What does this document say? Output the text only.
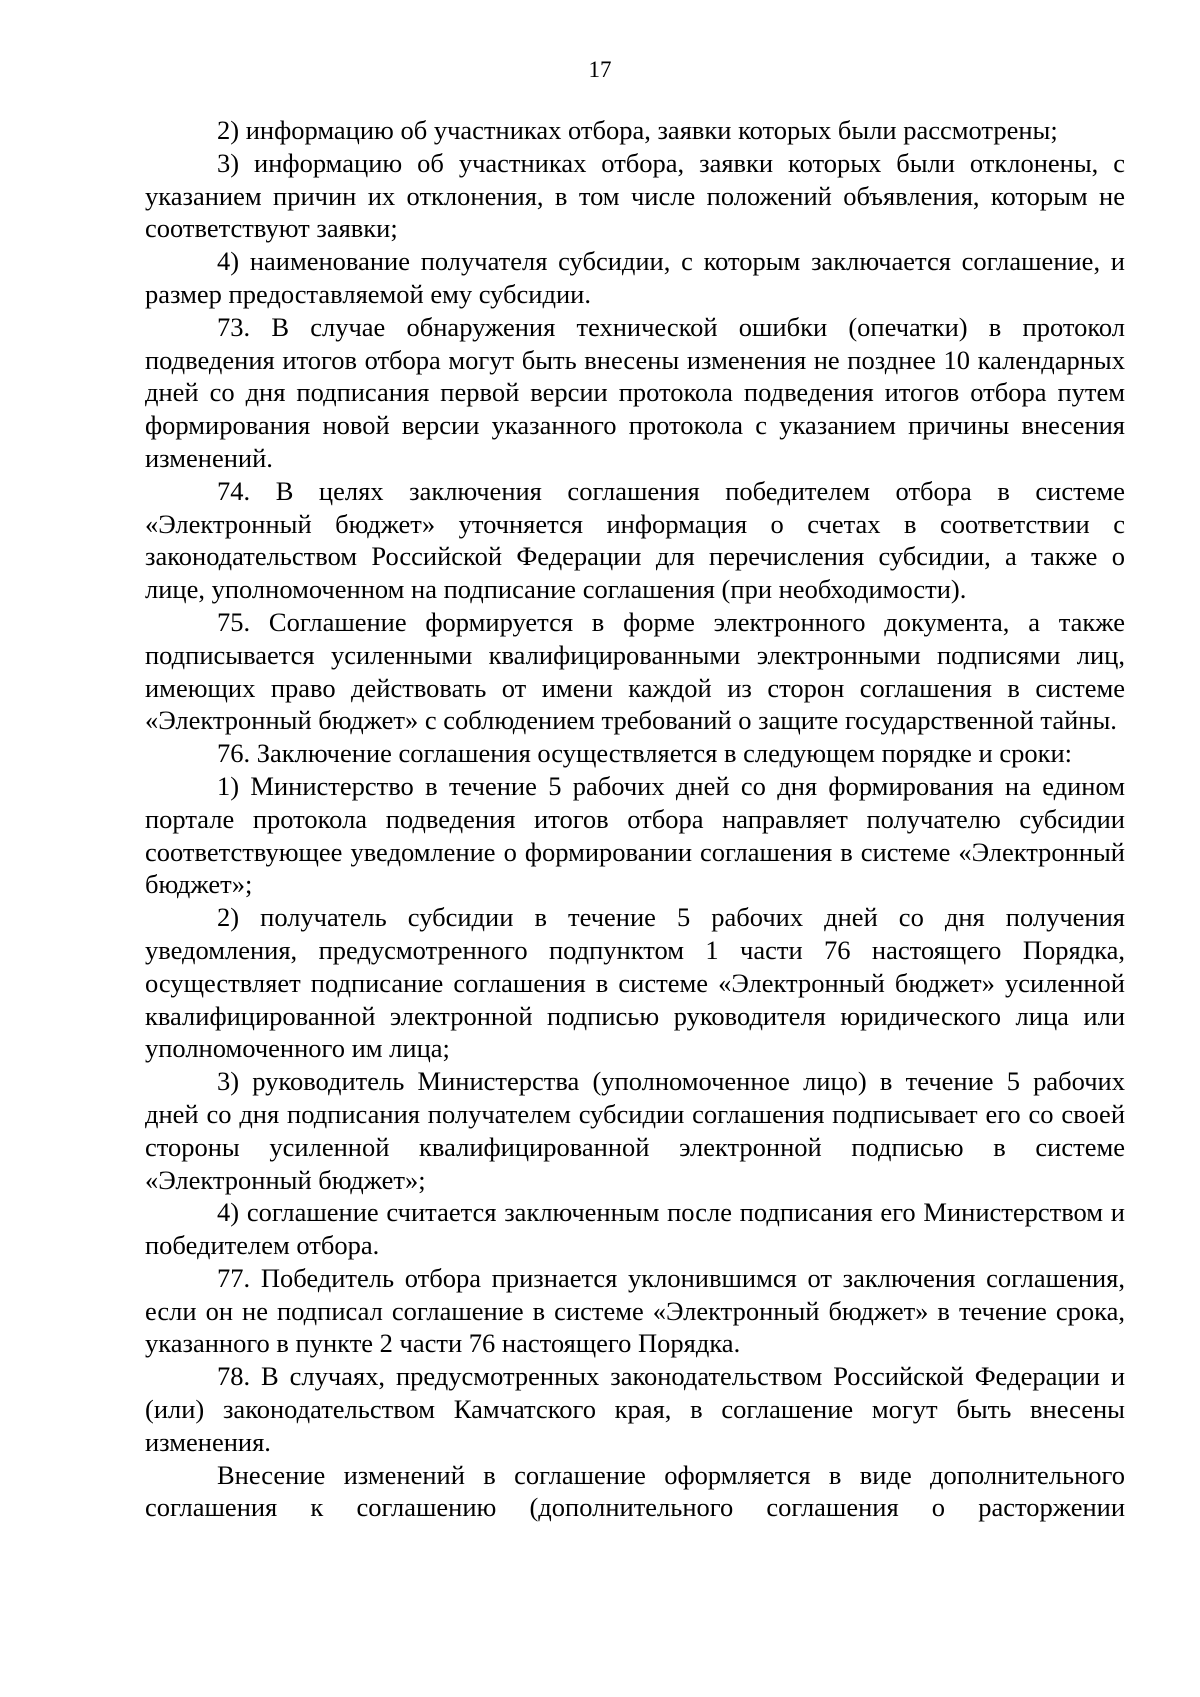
17

2) информацию об участниках отбора, заявки которых были рассмотрены;

3) информацию об участниках отбора, заявки которых были отклонены, с указанием причин их отклонения, в том числе положений объявления, которым не соответствуют заявки;

4) наименование получателя субсидии, с которым заключается соглашение, и размер предоставляемой ему субсидии.

73. В случае обнаружения технической ошибки (опечатки) в протокол подведения итогов отбора могут быть внесены изменения не позднее 10 календарных дней со дня подписания первой версии протокола подведения итогов отбора путем формирования новой версии указанного протокола с указанием причины внесения изменений.

74. В целях заключения соглашения победителем отбора в системе «Электронный бюджет» уточняется информация о счетах в соответствии с законодательством Российской Федерации для перечисления субсидии, а также о лице, уполномоченном на подписание соглашения (при необходимости).

75. Соглашение формируется в форме электронного документа, а также подписывается усиленными квалифицированными электронными подписями лиц, имеющих право действовать от имени каждой из сторон соглашения в системе «Электронный бюджет» с соблюдением требований о защите государственной тайны.

76. Заключение соглашения осуществляется в следующем порядке и сроки:

1) Министерство в течение 5 рабочих дней со дня формирования на едином портале протокола подведения итогов отбора направляет получателю субсидии соответствующее уведомление о формировании соглашения в системе «Электронный бюджет»;

2) получатель субсидии в течение 5 рабочих дней со дня получения уведомления, предусмотренного подпунктом 1 части 76 настоящего Порядка, осуществляет подписание соглашения в системе «Электронный бюджет» усиленной квалифицированной электронной подписью руководителя юридического лица или уполномоченного им лица;

3) руководитель Министерства (уполномоченное лицо) в течение 5 рабочих дней со дня подписания получателем субсидии соглашения подписывает его со своей стороны усиленной квалифицированной электронной подписью в системе «Электронный бюджет»;

4) соглашение считается заключенным после подписания его Министерством и победителем отбора.

77. Победитель отбора признается уклонившимся от заключения соглашения, если он не подписал соглашение в системе «Электронный бюджет» в течение срока, указанного в пункте 2 части 76 настоящего Порядка.

78. В случаях, предусмотренных законодательством Российской Федерации и (или) законодательством Камчатского края, в соглашение могут быть внесены изменения.

Внесение изменений в соглашение оформляется в виде дополнительного соглашения к соглашению (дополнительного соглашения о расторжении
